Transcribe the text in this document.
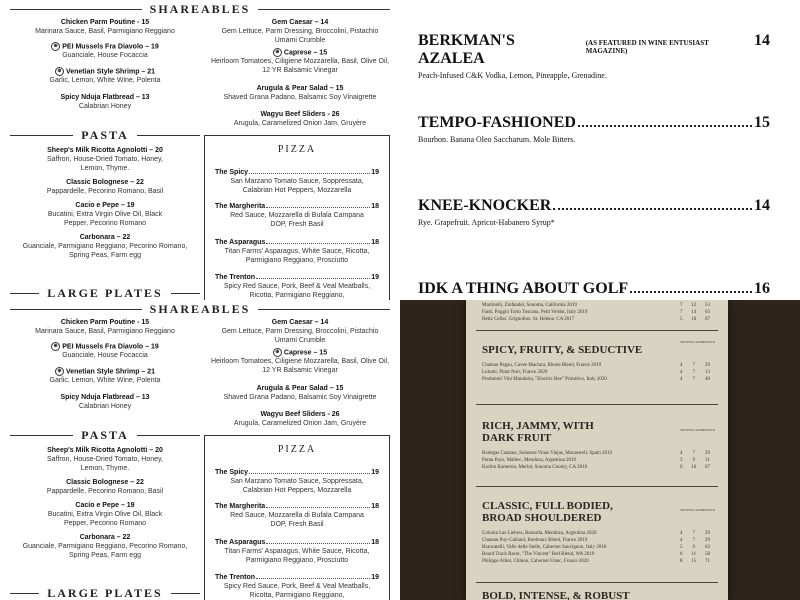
SHAREABLES
Chicken Parm Poutine - 15
Marinara Sauce, Basil, Parmigiano Reggiano
⊕ PEI Mussels Fra Diavolo – 19
Guanciale, House Focaccia
⊕ Venetian Style Shrimp – 21
Garlic, Lemon, White Wine, Polenta
Spicy Nduja Flatbread – 13
Calabrian Honey
Gem Caesar – 14
Gem Lettuce, Parm Dressing, Broccolini, Pistachio Umami Crumble
⊕ Caprese – 15
Heirloom Tomatoes, Ciligiene Mozzarella, Basil, Olive Oil, 12 YR Balsamic Vinegar
Arugula & Pear Salad – 15
Shaved Grana Padano, Balsamic Soy Vinaigrette
Wagyu Beef Sliders - 26
Arugula, Caramelized Onion Jam, Gruyère
PASTA
Sheep's Milk Ricotta Agnolotti – 20
Saffron, House-Dried Tomato, Honey, Lemon, Thyme.
Classic Bolognese – 22
Pappardelle, Pecorino Romano, Basil
Cacio e Pepe – 19
Bucatini, Extra Virgin Olive Oil, Black Pepper, Pecorino Romano
Carbonara – 22
Guanciale, Parmigiano Reggiano, Pecorino Romano, Spring Peas, Farm egg
PIZZA
The Spicy	19
San Marzano Tomato Sauce, Soppressata, Calabrian Hot Peppers, Mozzarella
The Margherita	18
Red Sauce, Mozzarella di Bufala Campana DOP, Fresh Basil
The Asparagus	18
Titan Farms' Asparagus, White Sauce, Ricotta, Parmigiano Reggiano, Prosciutto
The Trenton	19
Spicy Red Sauce, Pork, Beef & Veal Meatballs, Ricotta, Parmigiano Reggiano,
LARGE PLATES
SHAREABLES
Chicken Parm Poutine - 15
Marinara Sauce, Basil, Parmigiano Reggiano
⊕ PEI Mussels Fra Diavolo – 19
Guanciale, House Focaccia
⊕ Venetian Style Shrimp – 21
Garlic, Lemon, White Wine, Polenta
Spicy Nduja Flatbread – 13
Calabrian Honey
Gem Caesar – 14
Gem Lettuce, Parm Dressing, Broccolini, Pistachio Umami Crumble
⊕ Caprese – 15
Heirloom Tomatoes, Ciligiene Mozzarella, Basil, Olive Oil, 12 YR Balsamic Vinegar
Arugula & Pear Salad – 15
Shaved Grana Padano, Balsamic Soy Vinaigrette
Wagyu Beef Sliders - 26
Arugula, Caramelized Onion Jam, Gruyère
PASTA
Sheep's Milk Ricotta Agnolotti – 20
Saffron, House-Dried Tomato, Honey, Lemon, Thyme.
Classic Bolognese – 22
Pappardelle, Pecorino Romano, Basil
Cacio e Pepe – 19
Bucatini, Extra Virgin Olive Oil, Black Pepper, Pecorino Romano
Carbonara – 22
Guanciale, Parmigiano Reggiano, Pecorino Romano, Spring Peas, Farm egg
PIZZA
The Spicy	19
San Marzano Tomato Sauce, Soppressata, Calabrian Hot Peppers, Mozzarella
The Margherita	18
Red Sauce, Mozzarella di Bufala Campana DOP, Fresh Basil
The Asparagus	18
Titan Farms' Asparagus, White Sauce, Ricotta, Parmigiano Reggiano, Prosciutto
The Trenton	19
Spicy Red Sauce, Pork, Beef & Veal Meatballs, Ricotta, Parmigiano Reggiano,
LARGE PLATES
BERKMAN'S AZALEA
(AS FEATURED IN WINE ENTUSIAST MAGAZINE)
14
Peach-Infused C&K Vodka, Lemon, Pineapple, Grenadine.
TEMPO-FASHIONED	15
Bourbon. Banana Oleo Saccharum. Mole Bitters.
KNEE-KNOCKER	14
Rye. Grapefruit. Apricot-Habanero Syrup*
IDK A THING ABOUT GOLF	16
Martinelli, Zinfandel, Sonoma, California 2019	7 12 53
Fanti, Poggio Torto Toscana, Petit Verdot, Italy 2019	7 14 63
Heitz Cellar, Grignolino, St. Helena, CA 2017	5 10 67
SPICY, FRUITY, & SEDUCTIVE
TASTE GLASS BOTTLE
Chateau Pegau, Cuvee Maclura, Rhone Blend, France 2019	4 7 29
Lulumi, Pinot Noir, France 2020	4 7 13
Produttori Vini Manduria, "Electric Bee" Primitivo, Italy 2020	4 7 40
RICH, JAMMY, WITH DARK FRUIT
TASTE GLASS BOTTLE
Bodegas Castano, Solanera Vinas Viejas, Monastrell, Spain 2019	4 7 29
Punta Pays, Malbec, Mendoza, Argentina 2019	3 9 31
Korbin Kameron, Merlot, Sonoma County, CA 2016	6 10 67
CLASSIC, FULL BODIED, BROAD SHOULDERED
TASTE GLASS BOTTLE
Colonia Las Liebres, Bonarda, Mendoza, Argentina 2020	4 7 29
Chateau Puy-Galland, Bordeaux Blend, France 2019	4 7 29
Brancatelli, Valle delle Stelle, Cabernet Sauvignon, Italy 2018	5 9 63
Board Track Racer, "The Vincent" Red Blend, WA 2019	6 11 58
Philippe Alliet, Chinon, Cabernet Franc, France 2020	8 15 71
BOLD, INTENSE, & ROBUST
